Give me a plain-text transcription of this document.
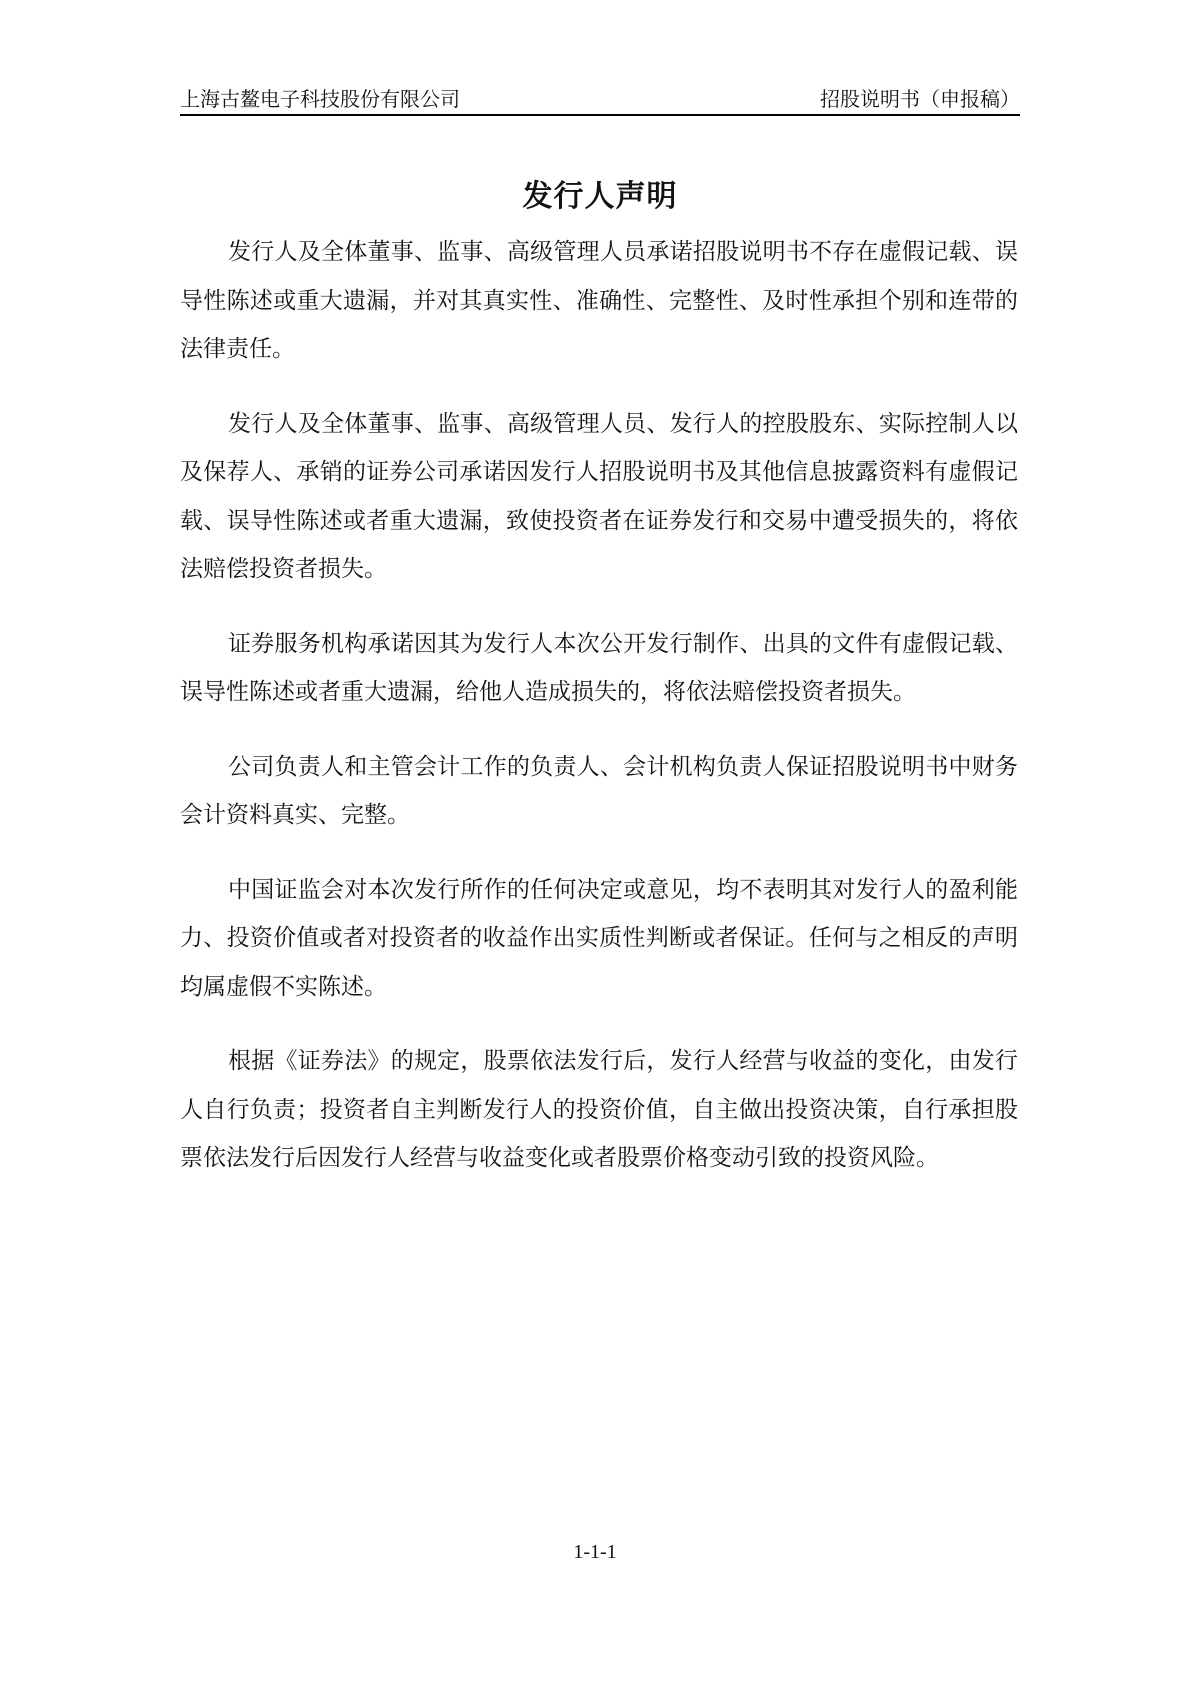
上海古鳌电子科技股份有限公司	招股说明书（申报稿）
发行人声明

发行人及全体董事、监事、高级管理人员承诺招股说明书不存在虚假记载、误导性陈述或重大遗漏，并对其真实性、准确性、完整性、及时性承担个别和连带的法律责任。

发行人及全体董事、监事、高级管理人员、发行人的控股股东、实际控制人以及保荐人、承销的证券公司承诺因发行人招股说明书及其他信息披露资料有虚假记载、误导性陈述或者重大遗漏，致使投资者在证券发行和交易中遭受损失的，将依法赔偿投资者损失。

证券服务机构承诺因其为发行人本次公开发行制作、出具的文件有虚假记载、误导性陈述或者重大遗漏，给他人造成损失的，将依法赔偿投资者损失。

公司负责人和主管会计工作的负责人、会计机构负责人保证招股说明书中财务会计资料真实、完整。

中国证监会对本次发行所作的任何决定或意见，均不表明其对发行人的盈利能力、投资价值或者对投资者的收益作出实质性判断或者保证。任何与之相反的声明均属虚假不实陈述。

根据《证券法》的规定，股票依法发行后，发行人经营与收益的变化，由发行人自行负责；投资者自主判断发行人的投资价值，自主做出投资决策，自行承担股票依法发行后因发行人经营与收益变化或者股票价格变动引致的投资风险。

1-1-1
